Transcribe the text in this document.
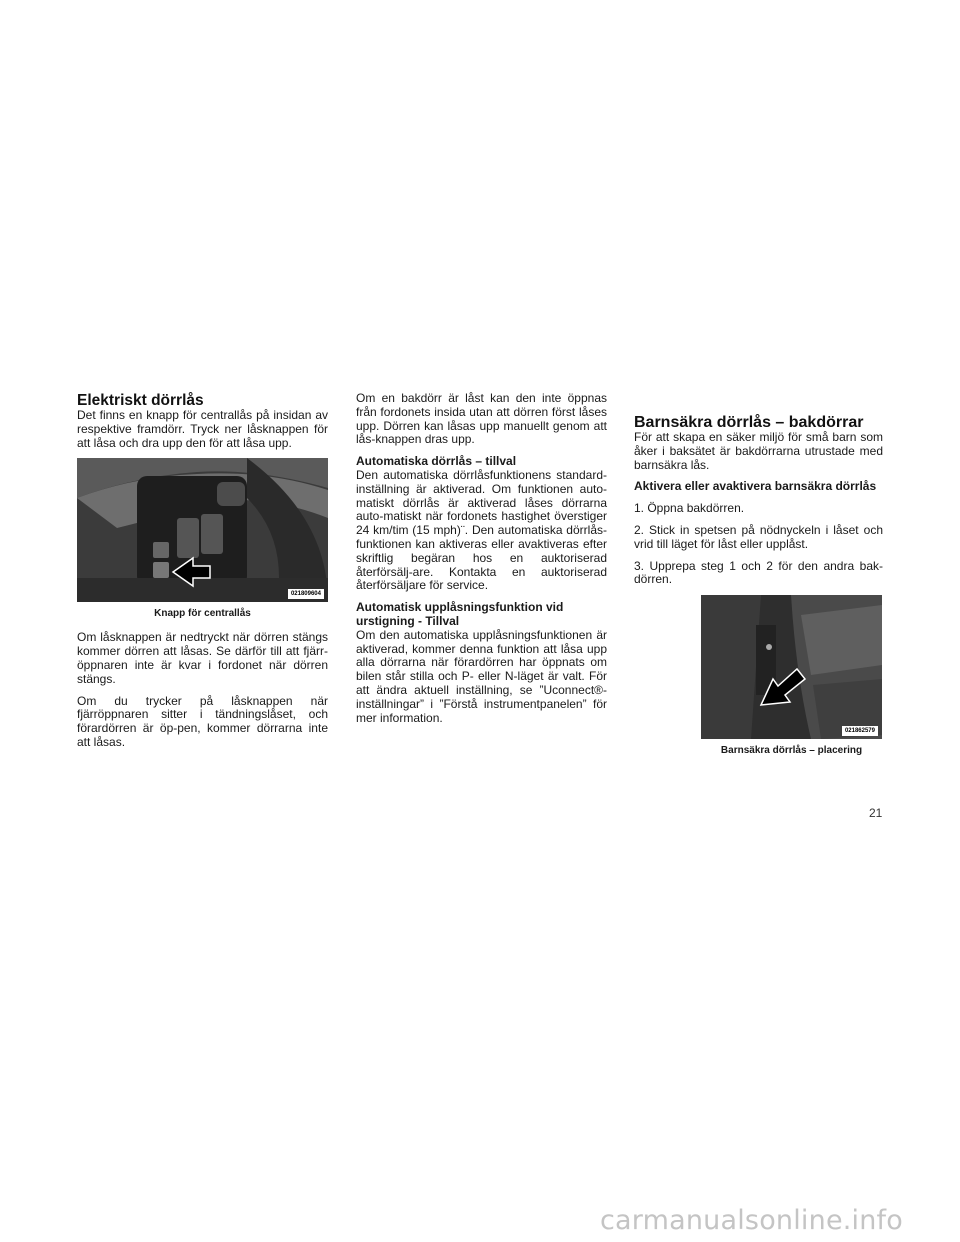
Elektriskt dörrlås

Det finns en knapp för centrallås på insidan av respektive framdörr. Tryck ner låsknappen för att låsa och dra upp den för att låsa upp.

021809604
Knapp för centrallås

Om låsknappen är nedtryckt när dörren stängs kommer dörren att låsas. Se därför till att fjärr-öppnaren inte är kvar i fordonet när dörren stängs.

Om du trycker på låsknappen när fjärröppnaren sitter i tändningslåset, och förardörren är öp-pen, kommer dörrarna inte att låsas.

Om en bakdörr är låst kan den inte öppnas från fordonets insida utan att dörren först låses upp. Dörren kan låsas upp manuellt genom att lås-knappen dras upp.

Automatiska dörrlås – tillval

Den automatiska dörrlåsfunktionens standard-inställning är aktiverad. Om funktionen auto-matiskt dörrlås är aktiverad låses dörrarna auto-matiskt när fordonets hastighet överstiger 24 km/tim (15 mph)¨. Den automatiska dörrlås-funktionen kan aktiveras eller avaktiveras efter skriftlig begäran hos en auktoriserad återförsälj-are. Kontakta en auktoriserad återförsäljare för service.

Automatisk upplåsningsfunktion vid
urstigning - Tillval

Om den automatiska upplåsningsfunktionen är aktiverad, kommer denna funktion att låsa upp alla dörrarna när förardörren har öppnats om bilen står stilla och P- eller N-läget är valt. För att ändra aktuell inställning, se ”Uconnect®-inställningar” i ”Förstå instrumentpanelen” för mer information.

Barnsäkra dörrlås – bakdörrar

För att skapa en säker miljö för små barn som åker i baksätet är bakdörrarna utrustade med barnsäkra lås.

Aktivera eller avaktivera barnsäkra dörrlås

1. Öppna bakdörren.

2. Stick in spetsen på nödnyckeln i låset och vrid till läget för låst eller upplåst.

3. Upprepa steg 1 och 2 för den andra bak-dörren.

021862579
Barnsäkra dörrlås – placering
21
carmanualsonline.info
